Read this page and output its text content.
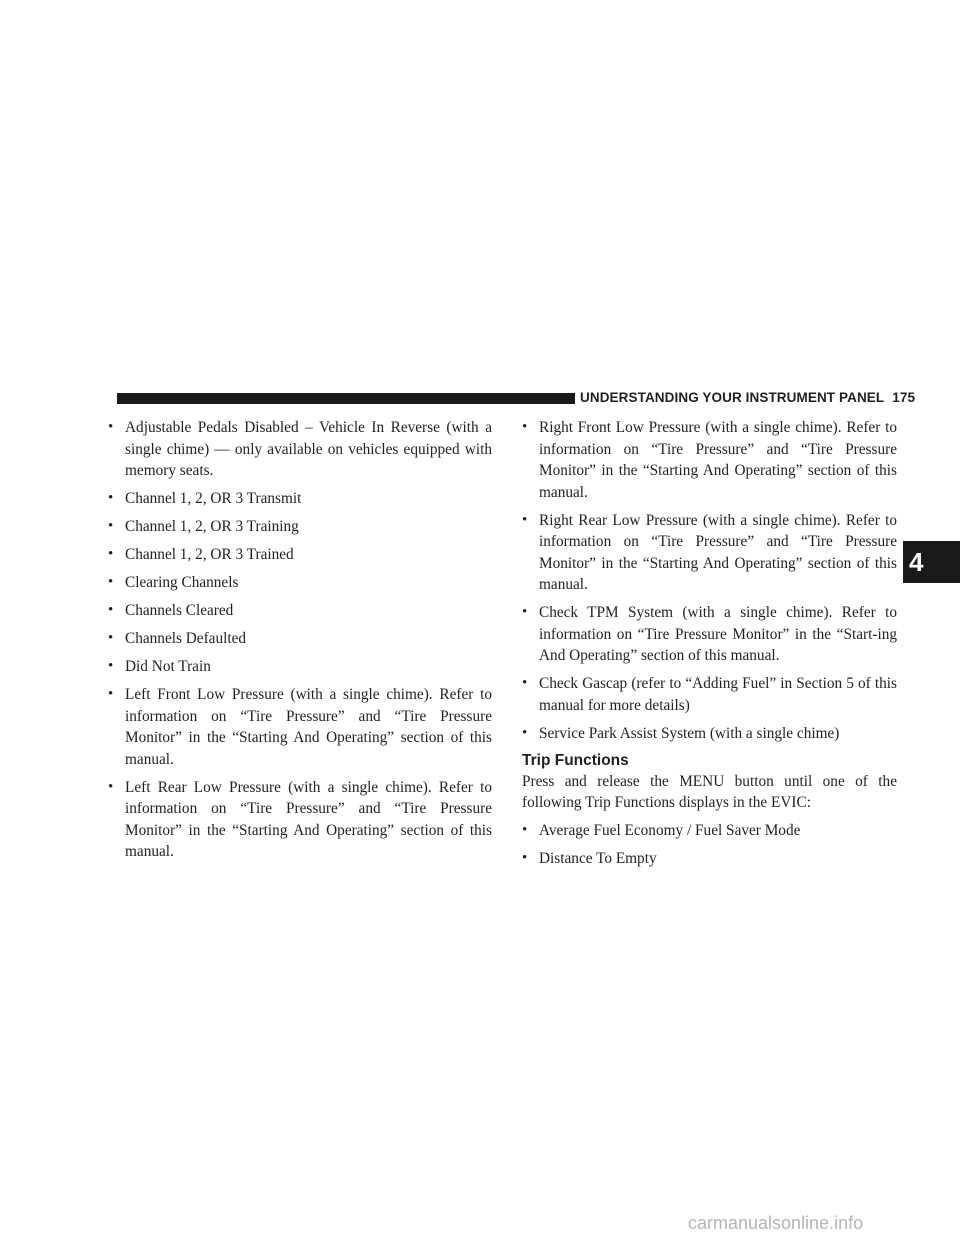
UNDERSTANDING YOUR INSTRUMENT PANEL 175
4
• Adjustable Pedals Disabled – Vehicle In Reverse (with a single chime) — only available on vehicles equipped with memory seats.
• Channel 1, 2, OR 3 Transmit
• Channel 1, 2, OR 3 Training
• Channel 1, 2, OR 3 Trained
• Clearing Channels
• Channels Cleared
• Channels Defaulted
• Did Not Train
• Left Front Low Pressure (with a single chime). Refer to information on “Tire Pressure” and “Tire Pressure Monitor” in the “Starting And Operating” section of this manual.
• Left Rear Low Pressure (with a single chime). Refer to information on “Tire Pressure” and “Tire Pressure Monitor” in the “Starting And Operating” section of this manual.
• Right Front Low Pressure (with a single chime). Refer to information on “Tire Pressure” and “Tire Pressure Monitor” in the “Starting And Operating” section of this manual.
• Right Rear Low Pressure (with a single chime). Refer to information on “Tire Pressure” and “Tire Pressure Monitor” in the “Starting And Operating” section of this manual.
• Check TPM System (with a single chime). Refer to information on “Tire Pressure Monitor” in the “Start-ing And Operating” section of this manual.
• Check Gascap (refer to “Adding Fuel” in Section 5 of this manual for more details)
• Service Park Assist System (with a single chime)
Trip Functions

Press and release the MENU button until one of the following Trip Functions displays in the EVIC:

• Average Fuel Economy / Fuel Saver Mode
• Distance To Empty
carmanualsonline.info
